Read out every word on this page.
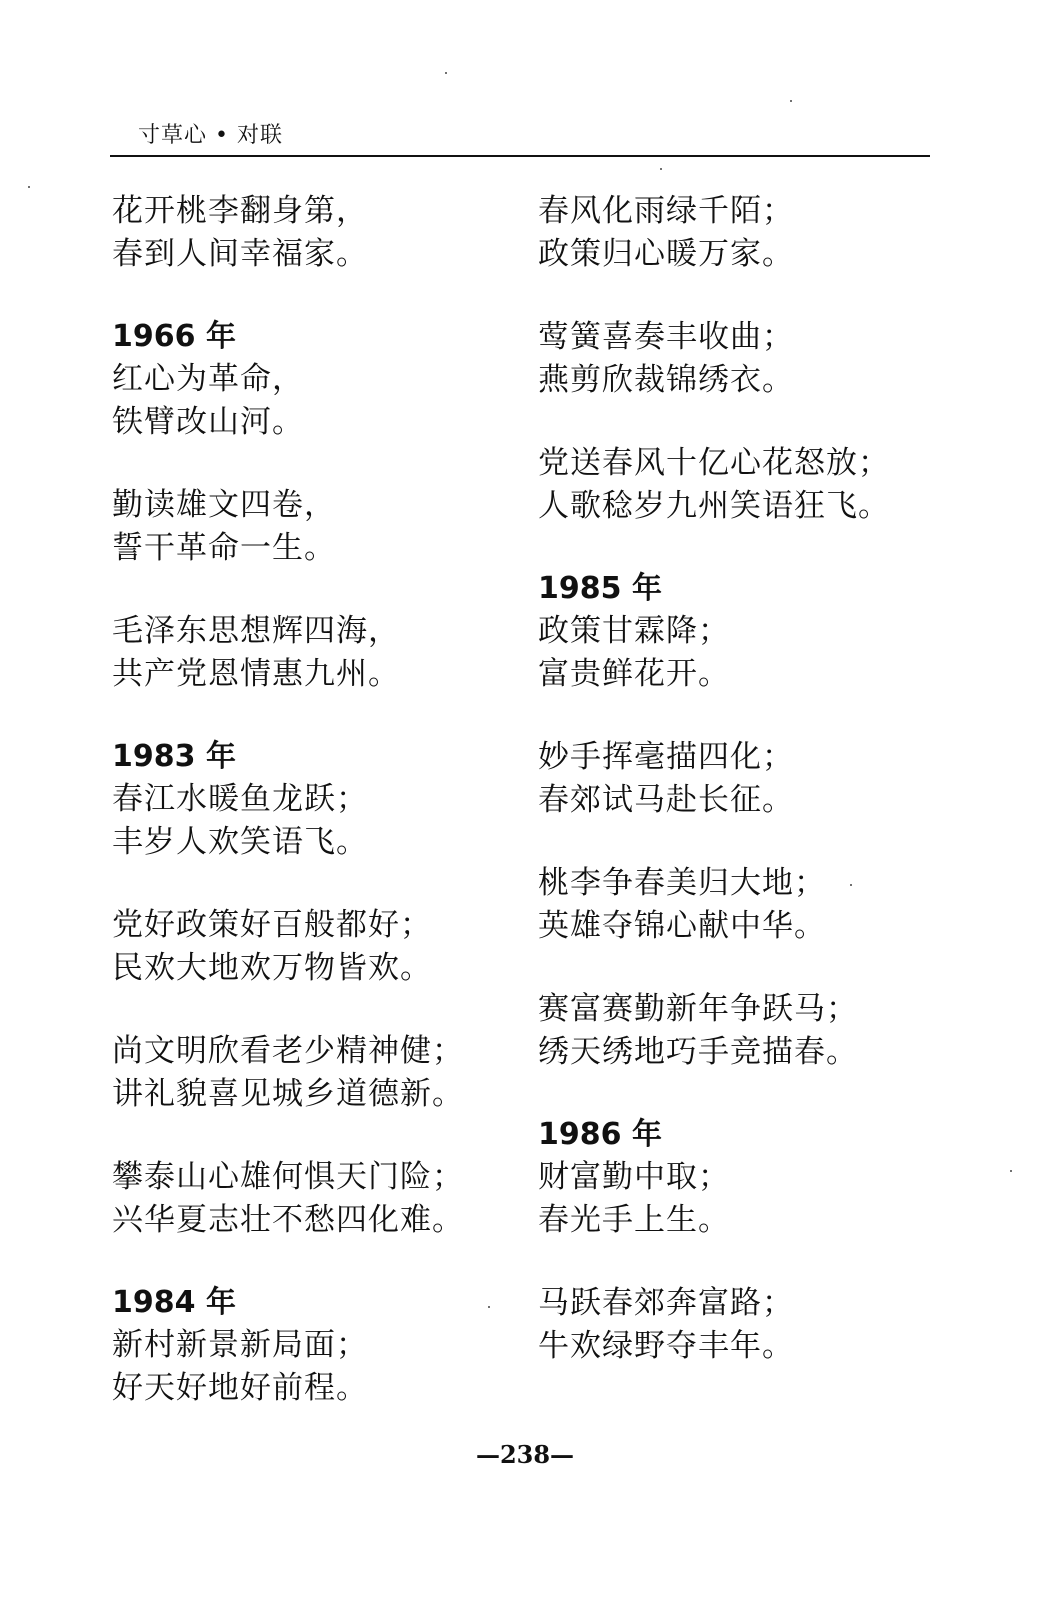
寸草心 • 对联
花开桃李翻身第，
春到人间幸福家。
1966 年
红心为革命，
铁臂改山河。
勤读雄文四卷，
誓干革命一生。
毛泽东思想辉四海，
共产党恩情惠九州。
1983 年
春江水暖鱼龙跃；
丰岁人欢笑语飞。
党好政策好百般都好；
民欢大地欢万物皆欢。
尚文明欣看老少精神健；
讲礼貌喜见城乡道德新。
攀泰山心雄何惧天门险；
兴华夏志壮不愁四化难。
1984 年
新村新景新局面；
好天好地好前程。
春风化雨绿千陌；
政策归心暖万家。
莺簧喜奏丰收曲；
燕剪欣裁锦绣衣。
党送春风十亿心花怒放；
人歌稔岁九州笑语狂飞。
1985 年
政策甘霖降；
富贵鲜花开。
妙手挥毫描四化；
春郊试马赴长征。
桃李争春美归大地；
英雄夺锦心献中华。
赛富赛勤新年争跃马；
绣天绣地巧手竞描春。
1986 年
财富勤中取；
春光手上生。
马跃春郊奔富路；
牛欢绿野夺丰年。
—238—
